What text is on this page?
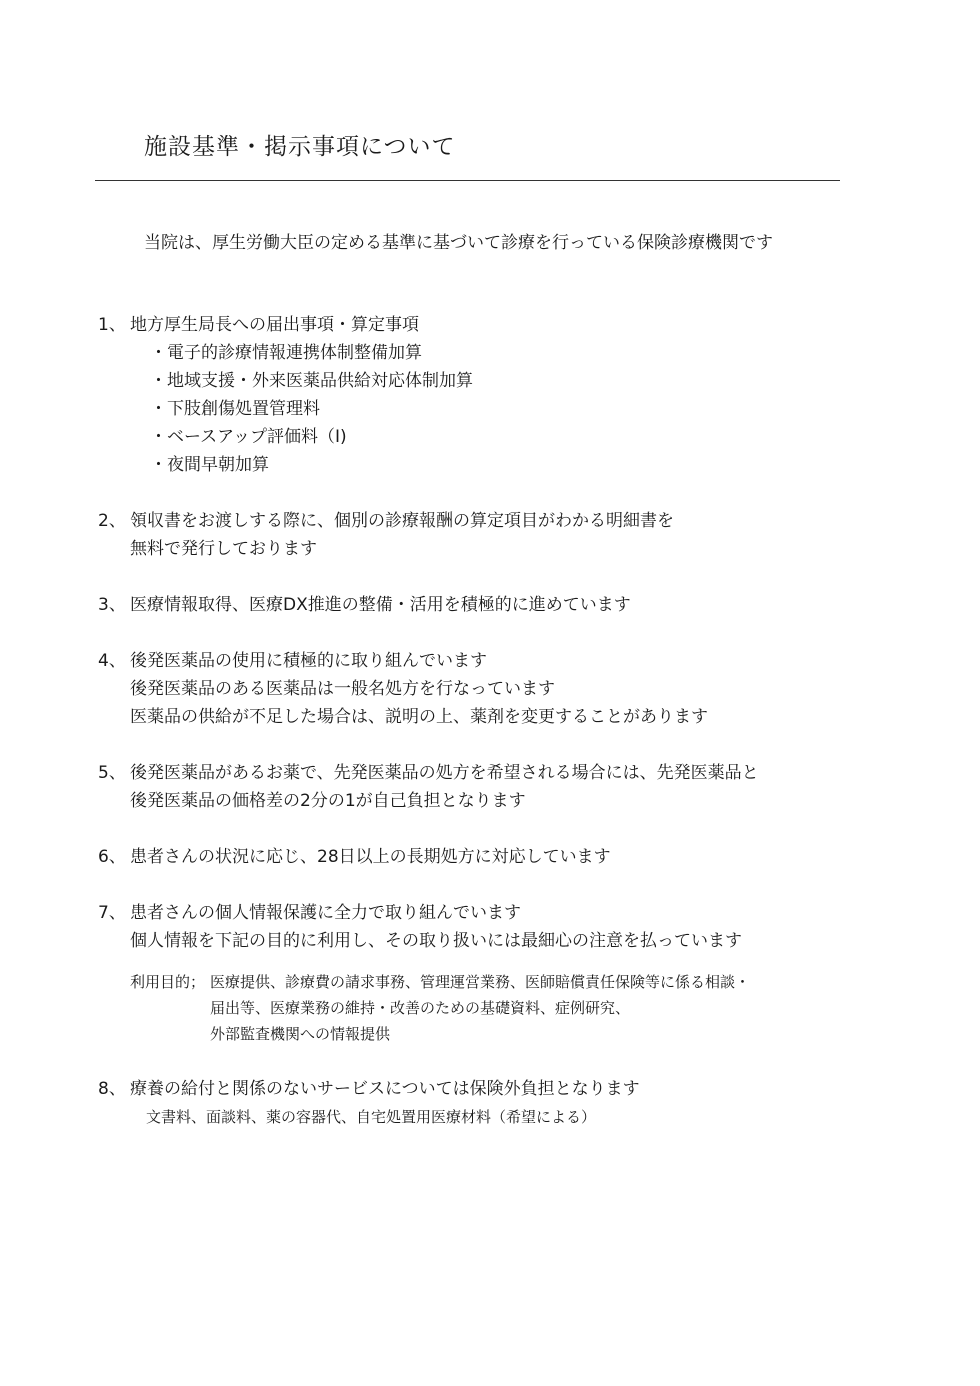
施設基準・掲示事項について
当院は、厚生労働大臣の定める基準に基づいて診療を行っている保険診療機関です
1、 地方厚生局長への届出事項・算定事項
・電子的診療情報連携体制整備加算
・地域支援・外来医薬品供給対応体制加算
・下肢創傷処置管理料
・ベースアップ評価料（I)
・夜間早朝加算
2、 領収書をお渡しする際に、個別の診療報酬の算定項目がわかる明細書を
無料で発行しております
3、 医療情報取得、医療DX推進の整備・活用を積極的に進めています
4、 後発医薬品の使用に積極的に取り組んでいます
後発医薬品のある医薬品は一般名処方を行なっています
医薬品の供給が不足した場合は、説明の上、薬剤を変更することがあります
5、 後発医薬品があるお薬で、先発医薬品の処方を希望される場合には、先発医薬品と
後発医薬品の価格差の2分の1が自己負担となります
6、 患者さんの状況に応じ、28日以上の長期処方に対応しています
7、 患者さんの個人情報保護に全力で取り組んでいます
個人情報を下記の目的に利用し、その取り扱いには最細心の注意を払っています
利用目的； 医療提供、診療費の請求事務、管理運営業務、医師賠償責任保険等に係る相談・
届出等、医療業務の維持・改善のための基礎資料、症例研究、
外部監査機関への情報提供
8、 療養の給付と関係のないサービスについては保険外負担となります
文書料、面談料、薬の容器代、自宅処置用医療材料（希望による）
